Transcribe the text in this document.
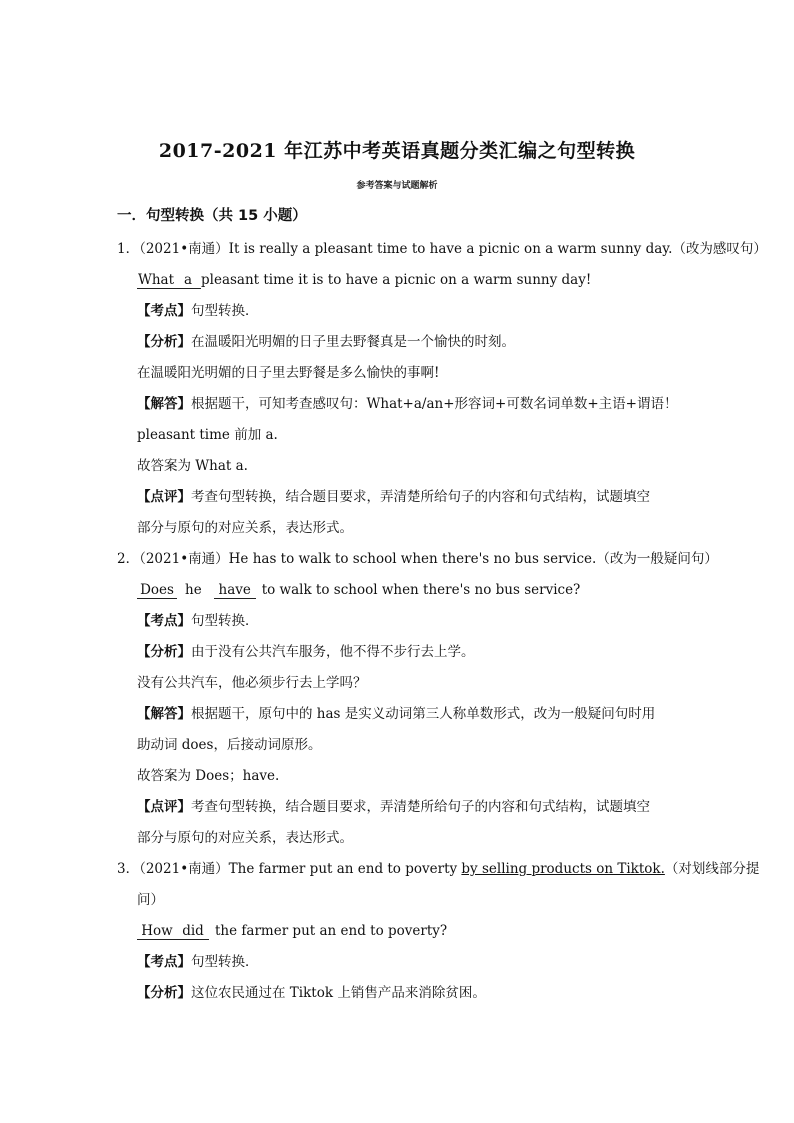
2017-2021 年江苏中考英语真题分类汇编之句型转换
参考答案与试题解析
一．句型转换（共 15 小题）
1．（2021•南通）It is really a pleasant time to have a picnic on a warm sunny day.（改为感叹句）
What a pleasant time it is to have a picnic on a warm sunny day!
【考点】句型转换．
【分析】在温暖阳光明媚的日子里去野餐真是一个愉快的时刻。
在温暖阳光明媚的日子里去野餐是多么愉快的事啊!
【解答】根据题干，可知考查感叹句：What+a/an+形容词+可数名词单数+主语+谓语！
pleasant time 前加 a.
故答案为 What a.
【点评】考查句型转换，结合题目要求，弄清楚所给句子的内容和句式结构，试题填空
部分与原句的对应关系，表达形式。
2．（2021•南通）He has to walk to school when there's no bus service.（改为一般疑问句）
Does he have to walk to school when there's no bus service?
【考点】句型转换．
【分析】由于没有公共汽车服务，他不得不步行去上学。
没有公共汽车，他必须步行去上学吗？
【解答】根据题干，原句中的 has 是实义动词第三人称单数形式，改为一般疑问句时用
助动词 does，后接动词原形。
故答案为 Does；have.
【点评】考查句型转换，结合题目要求，弄清楚所给句子的内容和句式结构，试题填空
部分与原句的对应关系，表达形式。
3．（2021•南通）The farmer put an end to poverty by selling products on Tiktok.（对划线部分提
问）
How did the farmer put an end to poverty?
【考点】句型转换．
【分析】这位农民通过在 Tiktok 上销售产品来消除贫困。
